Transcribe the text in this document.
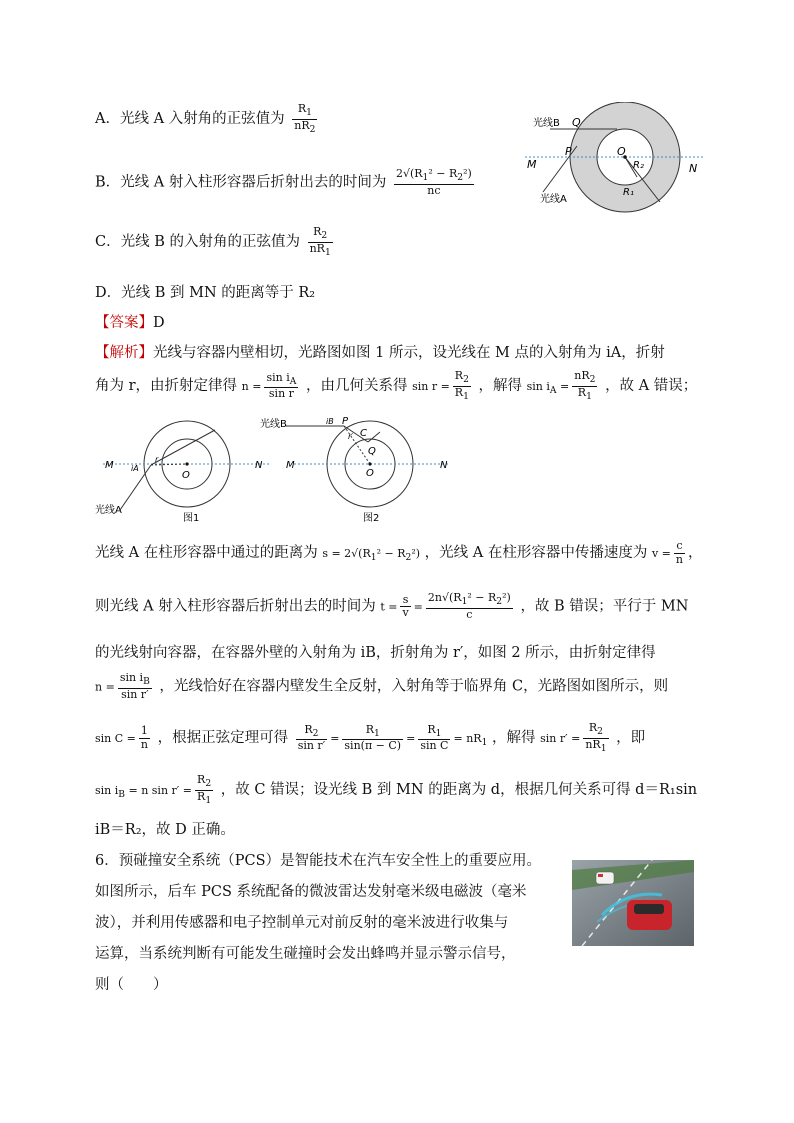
A．光线 A 入射角的正弦值为 $\frac{R_1}{nR_2}$
B．光线 A 射入柱形容器后折射出去的时间为 $\frac{2√(R_1^2 - R_2^2)}{nc}$
C．光线 B 的入射角的正弦值为 $\frac{R_2}{nR_1}$
D．光线 B 到 MN 的距离等于 R₂
光线B Q
P	O
M	N
R₂
R₁
光线A
【答案】D
【解析】光线与容器内壁相切，光路图如图 1 所示，设光线在 M 点的入射角为 iA，折射
角为 r，由折射定律得 $n = \frac{\sin i_A}{\text{sin r}}$ ，由几何关系得 $\sin r = \frac{R_2}{R_1}$ ，解得 $\sin i_A = \frac{nR_2}{R_1}$ ，故 A 错误；
M	N
O
iA
r
光线A
图1
光线B
M	N
O
P
Q
C
iB
r′
图2
光线 A 在柱形容器中通过的距离为 $s = 2√(R_1^2 - R_2^2)$ ，光线 A 在柱形容器中传播速度为 $v = \frac{c}{n}$ ，
则光线 A 射入柱形容器后折射出去的时间为 $t = \frac{s}{v} = \frac{2n√(R_1^2 - R_2^2)}{c}$ ，故 B 错误；平行于 MN
的光线射向容器，在容器外壁的入射角为 iB，折射角为 r′，如图 2 所示，由折射定律得
$n = \frac{\sin i_B}{\text{sin r′}}$ ，光线恰好在容器内壁发生全反射，入射角等于临界角 C，光路图如图所示，则
$\sin C = \frac{1}{n}$ ，根据正弦定理可得 $\frac{R_2}{\text{sin r′}} = \frac{R_1}{\sin(\pi - C)} = \frac{R_1}{\text{sin C}} = nR_1$ ，解得 $\sin r' = \frac{R_2}{nR_1}$ ，即
$\sin i_B = n$ $\sin r' = \frac{R_2}{R_1}$ ，故 C 错误；设光线 B 到 MN 的距离为 d，根据几何关系可得 d＝R₁sin
iB＝R₂，故 D 正确。
6．预碰撞安全系统（PCS）是智能技术在汽车安全性上的重要应用。
如图所示，后车 PCS 系统配备的微波雷达发射毫米级电磁波（毫米
波），并利用传感器和电子控制单元对前反射的毫米波进行收集与
运算，当系统判断有可能发生碰撞时会发出蜂鸣并显示警示信号，
则（　　）
